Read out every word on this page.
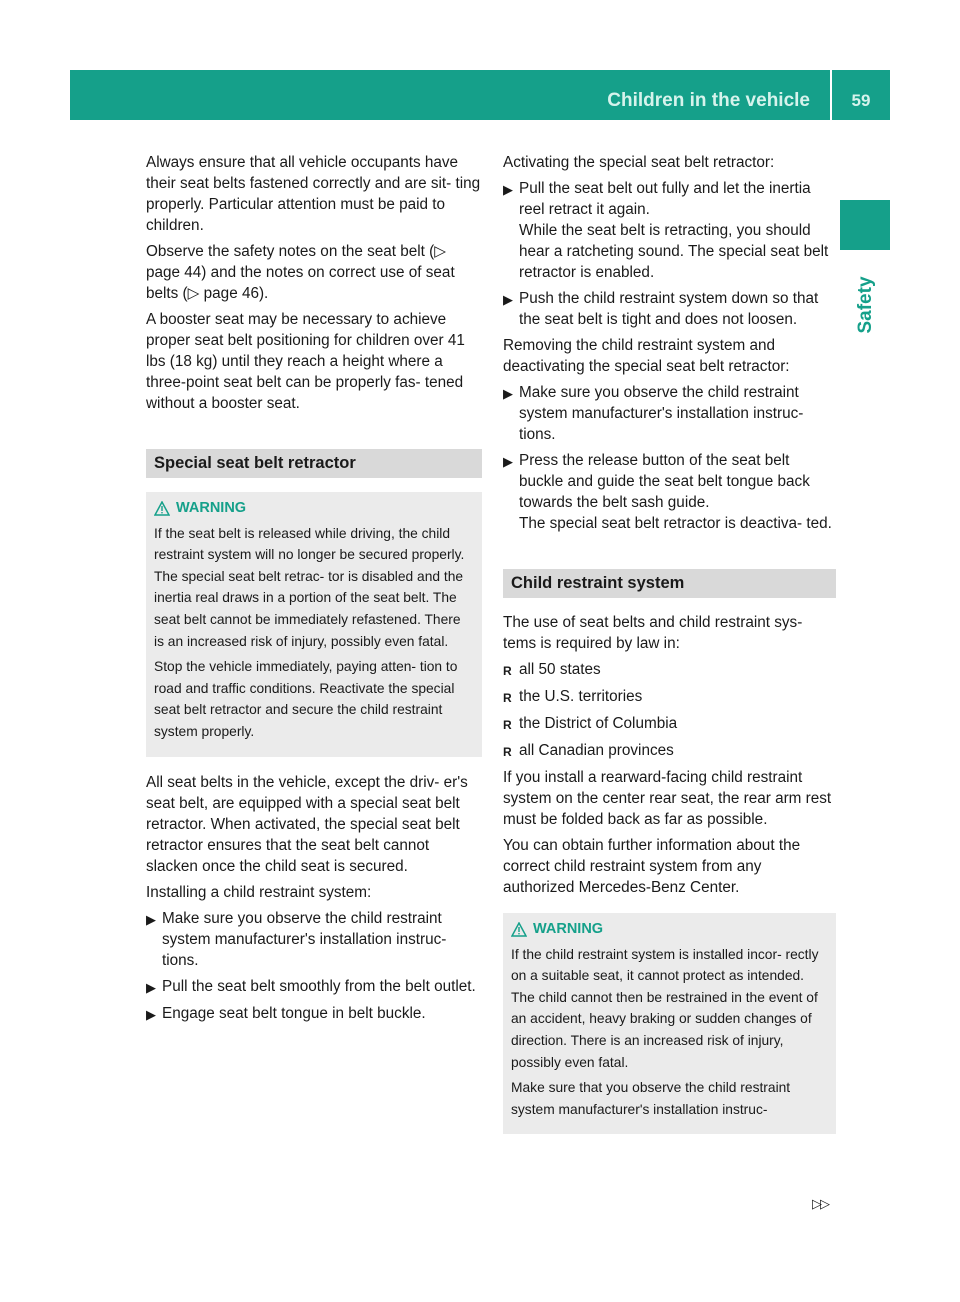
Children in the vehicle	59
Safety

Always ensure that all vehicle occupants have their seat belts fastened correctly and are sit- ting properly. Particular attention must be paid to children.

Observe the safety notes on the seat belt (▷ page 44) and the notes on correct use of seat belts (▷ page 46).

A booster seat may be necessary to achieve proper seat belt positioning for children over 41 lbs (18 kg) until they reach a height where a three-point seat belt can be properly fas- tened without a booster seat.

Special seat belt retractor
WARNING

If the seat belt is released while driving, the child restraint system will no longer be secured properly. The special seat belt retrac- tor is disabled and the inertia real draws in a portion of the seat belt. The seat belt cannot be immediately refastened. There is an increased risk of injury, possibly even fatal.

Stop the vehicle immediately, paying atten- tion to road and traffic conditions. Reactivate the special seat belt retractor and secure the child restraint system properly.

All seat belts in the vehicle, except the driv- er's seat belt, are equipped with a special seat belt retractor. When activated, the special seat belt retractor ensures that the seat belt cannot slacken once the child seat is secured.

Installing a child restraint system:

▶︎ Make sure you observe the child restraint system manufacturer's installation instruc- tions.
▶︎ Pull the seat belt smoothly from the belt outlet.
▶︎ Engage seat belt tongue in belt buckle.

Activating the special seat belt retractor:

▶︎ Pull the seat belt out fully and let the inertia reel retract it again.
While the seat belt is retracting, you should hear a ratcheting sound. The special seat belt retractor is enabled.
▶︎ Push the child restraint system down so that the seat belt is tight and does not loosen.

Removing the child restraint system and deactivating the special seat belt retractor:

▶︎ Make sure you observe the child restraint system manufacturer's installation instruc- tions.
▶︎ Press the release button of the seat belt buckle and guide the seat belt tongue back towards the belt sash guide.
The special seat belt retractor is deactiva- ted.
Child restraint system

The use of seat belts and child restraint sys- tems is required by law in:

R all 50 states
R the U.S. territories
R the District of Columbia
R all Canadian provinces

If you install a rearward-facing child restraint system on the center rear seat, the rear arm rest must be folded back as far as possible.

You can obtain further information about the correct child restraint system from any authorized Mercedes-Benz Center.

WARNING

If the child restraint system is installed incor- rectly on a suitable seat, it cannot protect as intended. The child cannot then be restrained in the event of an accident, heavy braking or sudden changes of direction. There is an increased risk of injury, possibly even fatal.

Make sure that you observe the child restraint system manufacturer's installation instruc-

▷▷
